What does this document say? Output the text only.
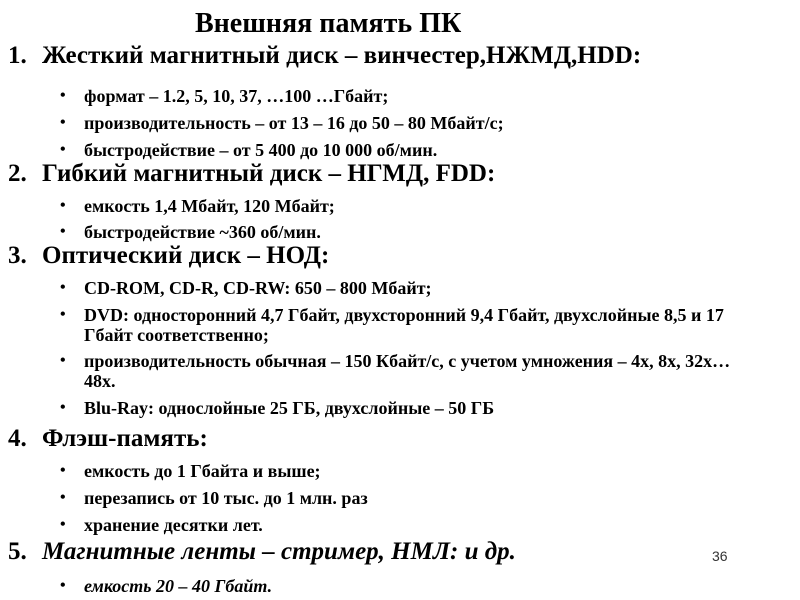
Внешняя память ПК
1. Жесткий магнитный диск – винчестер,НЖМД,HDD:
• формат – 1.2, 5, 10, 37, …100 …Гбайт;
• производительность – от 13 – 16 до 50 – 80 Мбайт/с;
• быстродействие – от 5 400 до 10 000 об/мин.
2. Гибкий магнитный диск – НГМД, FDD:
• емкость 1,4 Мбайт, 120 Мбайт;
• быстродействие ~360 об/мин.
3. Оптический диск – НОД:
• CD-ROM, CD-R, CD-RW: 650 – 800 Мбайт;
• DVD: односторонний 4,7 Гбайт, двухсторонний 9,4 Гбайт, двухслойные 8,5 и 17 Гбайт соответственно;
• производительность обычная – 150 Кбайт/с, с учетом умножения – 4x, 8x, 32x…48x.
• Blu-Ray: однослойные 25 ГБ, двухслойные – 50 ГБ
4. Флэш-память:
• емкость до 1 Гбайта и выше;
• перезапись от 10 тыс. до 1 млн. раз
• хранение десятки лет.
5. Магнитные ленты – стример, НМЛ: и др.
• емкость 20 – 40 Гбайт.
36
